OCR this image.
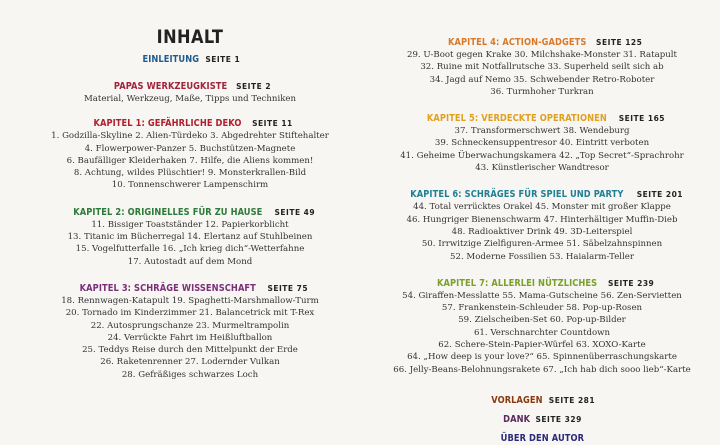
INHALT
EINLEITUNG SEITE 1
PAPAS WERKZEUGKISTE SEITE 2
Material, Werkzeug, Maße, Tipps und Techniken
KAPITEL 1: GEFÄHRLICHE DEKO SEITE 11
1. Godzilla-Skyline 2. Alien-Türdeko 3. Abgedrehter Stiftehalter
4. Flowerpower-Panzer 5. Buchstützen-Magnete
6. Baufälliger Kleiderhaken 7. Hilfe, die Aliens kommen!
8. Achtung, wildes Plüschtier! 9. Monsterkrallen-Bild
10. Tonnenschwerer Lampenschirm
KAPITEL 2: ORIGINELLES FÜR ZU HAUSE SEITE 49
11. Bissiger Toastständer 12. Papierkorblicht
13. Titanic im Bücherregal 14. Elertanz auf Stuhlbeinen
15. Vogelfutterfalle 16. „Ich krieg dich“-Wetterfahne
17. Autostadt auf dem Mond
KAPITEL 3: SCHRÄGE WISSENSCHAFT SEITE 75
18. Rennwagen-Katapult 19. Spaghetti-Marshmallow-Turm
20. Tornado im Kinderzimmer 21. Balancetrick mit T-Rex
22. Autosprungschanze 23. Murmeltrampolin
24. Verrückte Fahrt im Heißluftballon
25. Teddys Reise durch den Mittelpunkt der Erde
26. Raketenrenner 27. Lodernder Vulkan
28. Gefräßiges schwarzes Loch
KAPITEL 4: ACTION-GADGETS SEITE 125
29. U-Boot gegen Krake 30. Milchshake-Monster 31. Ratapult
32. Ruine mit Notfallrutsche 33. Superheld seilt sich ab
34. Jagd auf Nemo 35. Schwebender Retro-Roboter
36. Turmhoher Turkran
KAPITEL 5: VERDECKTE OPERATIONEN SEITE 165
37. Transformerschwert 38. Wendeburg
39. Schneckensuppentresor 40. Eintritt verboten
41. Geheime Überwachungskamera 42. „Top Secret“-Sprachrohr
43. Künstlerischer Wandtresor
KAPITEL 6: SCHRÄGES FÜR SPIEL UND PARTY SEITE 201
44. Total verrücktes Orakel 45. Monster mit großer Klappe
46. Hungriger Bienenschwarm 47. Hinterhältiger Muffin-Dieb
48. Radioaktiver Drink 49. 3D-Leiterspiel
50. Irrwitzige Zielfiguren-Armee 51. Säbelzahnspinnen
52. Moderne Fossilien 53. Haialarm-Teller
KAPITEL 7: ALLERLEI NÜTZLICHES SEITE 239
54. Giraffen-Messlatte 55. Mama-Gutscheine 56. Zen-Servietten
57. Frankenstein-Schleuder 58. Pop-up-Rosen
59. Zielscheiben-Set 60. Pop-up-Bilder
61. Verschnarchter Countdown
62. Schere-Stein-Papier-Würfel 63. XOXO-Karte
64. „How deep is your love?“ 65. Spinnenüberraschungskarte
66. Jelly-Beans-Belohnungsrakete 67. „Ich hab dich sooo lieb“-Karte
VORLAGEN SEITE 281
DANK SEITE 329
ÜBER DEN AUTOR
